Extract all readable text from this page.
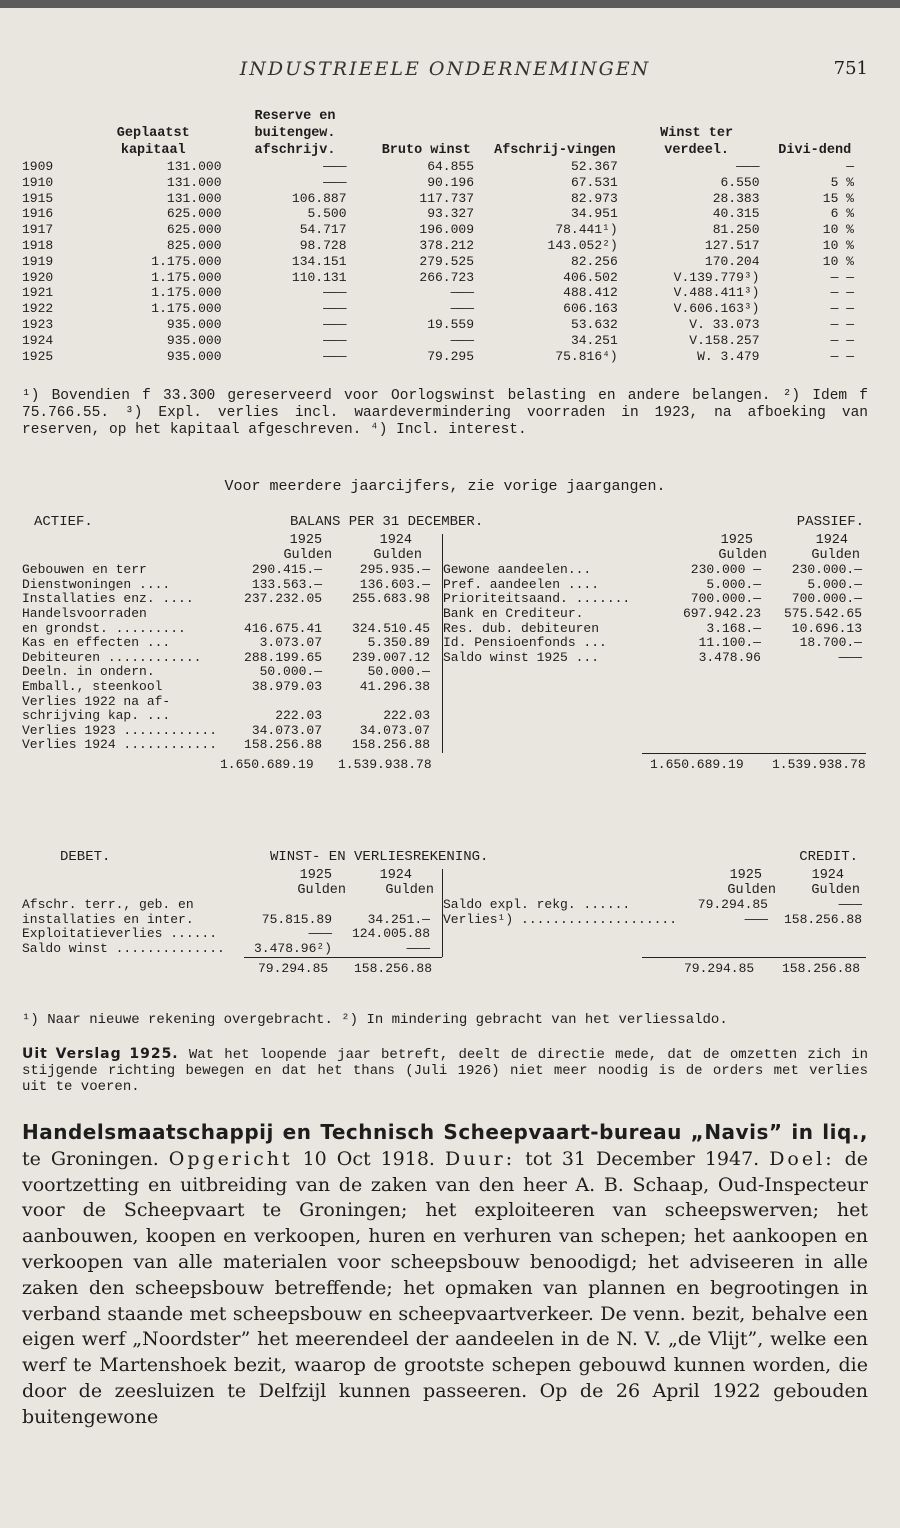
INDUSTRIEELE ONDERNEMINGEN	751
	Geplaatst kapitaal	Reserve en buitengew. afschrijv.	Bruto winst	Afschrij-vingen	Winst ter verdeel.	Divi-dend
1909	131.000	———	64.855	52.367	———	—
1910	131.000	———	90.196	67.531	6.550	5 %
1915	131.000	106.887	117.737	82.973	28.383	15 %
1916	625.000	5.500	93.327	34.951	40.315	6 %
1917	625.000	54.717	196.009	78.441¹)	81.250	10 %
1918	825.000	98.728	378.212	143.052²)	127.517	10 %
1919	1.175.000	134.151	279.525	82.256	170.204	10 %
1920	1.175.000	110.131	266.723	406.502	V.139.779³)	— —
1921	1.175.000	———	———	488.412	V.488.411³)	— —
1922	1.175.000	———	———	606.163	V.606.163³)	— —
1923	935.000	———	19.559	53.632	V. 33.073	— —
1924	935.000	———	———	34.251	V.158.257	— —
1925	935.000	———	79.295	75.816⁴)	W. 3.479	— —
¹) Bovendien f 33.300 gereserveerd voor Oorlogswinst belasting en andere belangen. ²) Idem f 75.766.55. ³) Expl. verlies incl. waardevermindering voorraden in 1923, na afboeking van reserven, op het kapitaal afgeschreven. ⁴) Incl. interest.
Voor meerdere jaarcijfers, zie vorige jaargangen.
ACTIEF.	BALANS PER 31 DECEMBER.	PASSIEF.
	1925	1924
	Gulden	Gulden
Gebouwen en terr	290.415.—	295.935.—
Dienstwoningen ....	133.563.—	136.603.—
Installaties enz. ....	237.232.05	255.683.98
Handelsvoorraden		
en grondst. .........	416.675.41	324.510.45
Kas en effecten ...	3.073.07	5.350.89
Debiteuren ............	288.199.65	239.007.12
Deeln. in ondern.	50.000.—	50.000.—
Emball., steenkool	38.979.03	41.296.38
Verlies 1922 na af-		
schrijving kap. ...	222.03	222.03
Verlies 1923 ............	34.073.07	34.073.07
Verlies 1924 ............	158.256.88	158.256.88
	1925	1924
	Gulden	Gulden
Gewone aandeelen...	230.000 —	230.000.—
Pref. aandeelen ....	5.000.—	5.000.—
Prioriteitsaand. .......	700.000.—	700.000.—
Bank en Crediteur.	697.942.23	575.542.65
Res. dub. debiteuren	3.168.—	10.696.13
Id. Pensioenfonds ...	11.100.—	18.700.—
Saldo winst 1925 ...	3.478.96	———
1.650.689.19 1.539.938.78	1.650.689.19 1.539.938.78
DEBET.	WINST- EN VERLIESREKENING.	CREDIT.
	1925	1924
	Gulden	Gulden
Afschr. terr., geb. en		
installaties en inter.	75.815.89	34.251.—
Exploitatieverlies ......	———	124.005.88
Saldo winst ..............	3.478.96²)	———
	1925	1924
	Gulden	Gulden
Saldo expl. rekg. ......	79.294.85	———
Verlies¹) ....................	———	158.256.88
79.294.85 158.256.88	79.294.85 158.256.88
¹) Naar nieuwe rekening overgebracht. ²) In mindering gebracht van het verliessaldo.
Uit Verslag 1925. Wat het loopende jaar betreft, deelt de directie mede, dat de omzetten zich in stijgende richting bewegen en dat het thans (Juli 1926) niet meer noodig is de orders met verlies uit te voeren.
Handelsmaatschappij en Technisch Scheepvaart-bureau „Navis” in liq., te Groningen. Opgericht 10 Oct 1918. Duur: tot 31 December 1947. Doel: de voortzetting en uitbreiding van de zaken van den heer A. B. Schaap, Oud-Inspecteur voor de Scheepvaart te Groningen; het exploiteeren van scheepswerven; het aanbouwen, koopen en verkoopen, huren en verhuren van schepen; het aankoopen en verkoopen van alle materialen voor scheepsbouw benoodigd; het adviseeren in alle zaken den scheepsbouw betreffende; het opmaken van plannen en begrootingen in verband staande met scheepsbouw en scheepvaartverkeer. De venn. bezit, behalve een eigen werf „Noordster” het meerendeel der aandeelen in de N. V. „de Vlijt”, welke een werf te Martenshoek bezit, waarop de grootste schepen gebouwd kunnen worden, die door de zeesluizen te Delfzijl kunnen passeeren. Op de 26 April 1922 gebouden buitengewone
